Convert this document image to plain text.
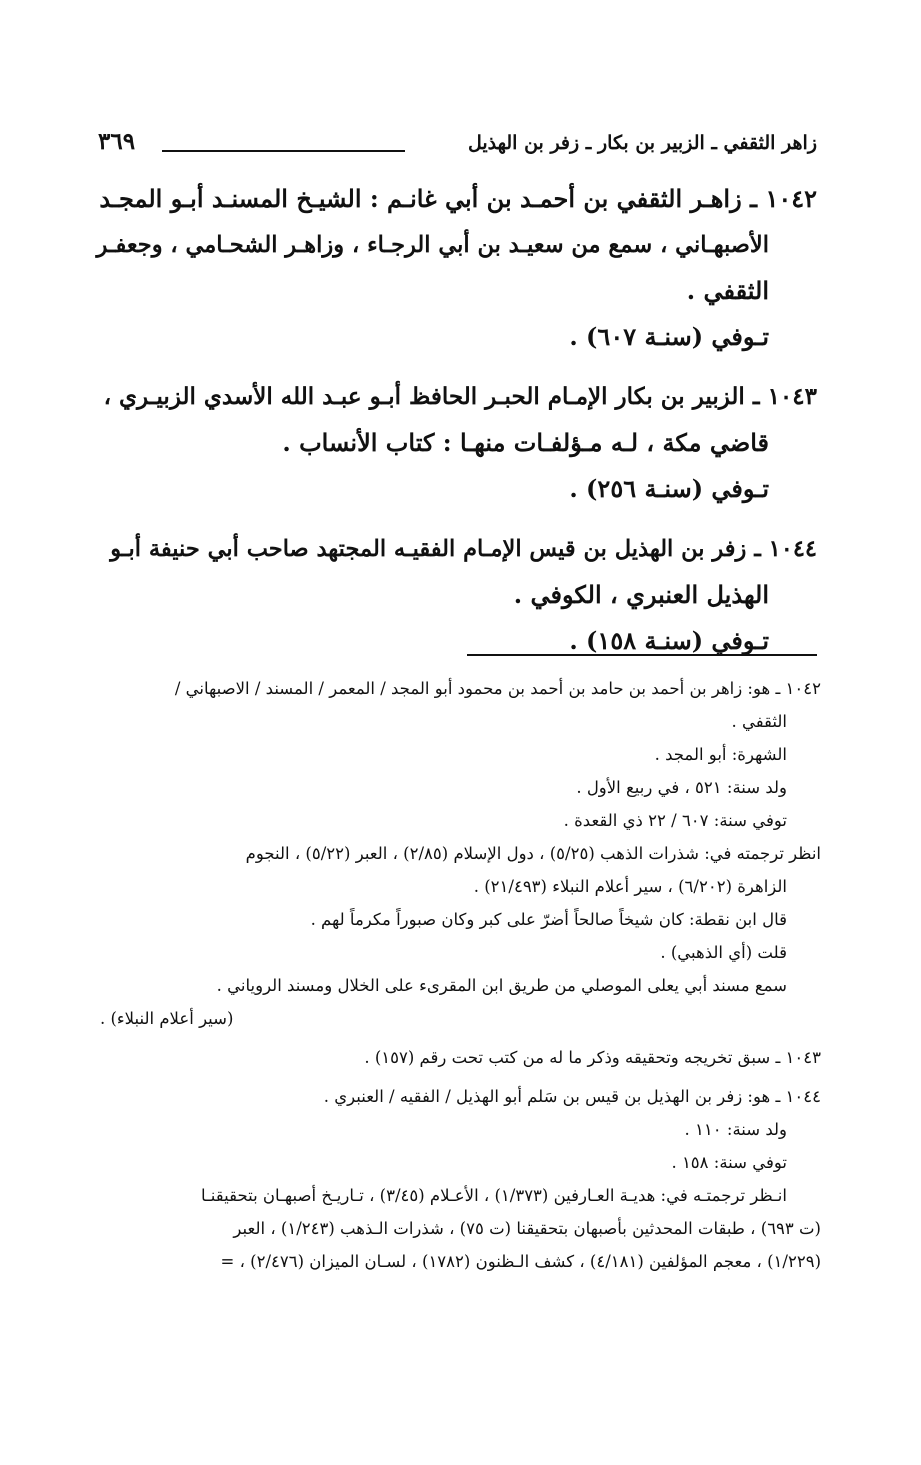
زاهر الثقفي ـ الزبير بن بكار ـ زفر بن الهذيل
٣٦٩
١٠٤٢ ـ زاهـر الثقفي بن أحمـد بن أبي غانـم : الشيـخ المسنـد أبـو المجـد
الأصبهـاني ، سمع من سعيـد بن أبي الرجـاء ، وزاهـر الشحـامي ، وجعفـر
الثقفي .
تـوفي (سنـة ٦٠٧) .
١٠٤٣ ـ الزبير بن بكار الإمـام الحبـر الحافظ أبـو عبـد الله الأسدي الزبيـري ،
قاضي مكة ، لـه مـؤلفـات منهـا : كتاب الأنساب .
تـوفي (سنـة ٢٥٦) .
١٠٤٤ ـ زفر بن الهذيل بن قيس الإمـام الفقيـه المجتهد صاحب أبي حنيفة أبـو
الهذيل العنبري ، الكوفي .
تـوفي (سنـة ١٥٨) .
١٠٤٢ ـ هو: زاهر بن أحمد بن حامد بن أحمد بن محمود أبو المجد / المعمر / المسند / الاصبهاني /
الثقفي .
الشهرة: أبو المجد .
ولد سنة: ٥٢١ ، في ربيع الأول .
توفي سنة: ٦٠٧ / ٢٢ ذي القعدة .
انظر ترجمته في: شذرات الذهب (٥/٢٥) ، دول الإسلام (٢/٨٥) ، العبر (٥/٢٢) ، النجوم
الزاهرة (٦/٢٠٢) ، سير أعلام النبلاء (٢١/٤٩٣) .
قال ابن نقطة: كان شيخاً صالحاً أضرّ على كبر وكان صبوراً مكرماً لهم .
قلت (أي الذهبي) .
سمع مسند أبي يعلى الموصلي من طريق ابن المقرىء على الخلال ومسند الروياني .
(سير أعلام النبلاء) .
١٠٤٣ ـ سبق تخريجه وتحقيقه وذكر ما له من كتب تحت رقم (١٥٧) .
١٠٤٤ ـ هو: زفر بن الهذيل بن قيس بن سَلم أبو الهذيل / الفقيه / العنبري .
ولد سنة: ١١٠ .
توفي سنة: ١٥٨ .
انـظر ترجمتـه في: هديـة العـارفين (١/٣٧٣) ، الأعـلام (٣/٤٥) ، تـاريـخ أصبهـان بتحقيقنـا
(ت ٦٩٣) ، طبقات المحدثين بأصبهان بتحقيقنا (ت ٧٥) ، شذرات الـذهب (١/٢٤٣) ، العبر
(١/٢٢٩) ، معجم المؤلفين (٤/١٨١) ، كشف الـظنون (١٧٨٢) ، لسـان الميزان (٢/٤٧٦) ، =
